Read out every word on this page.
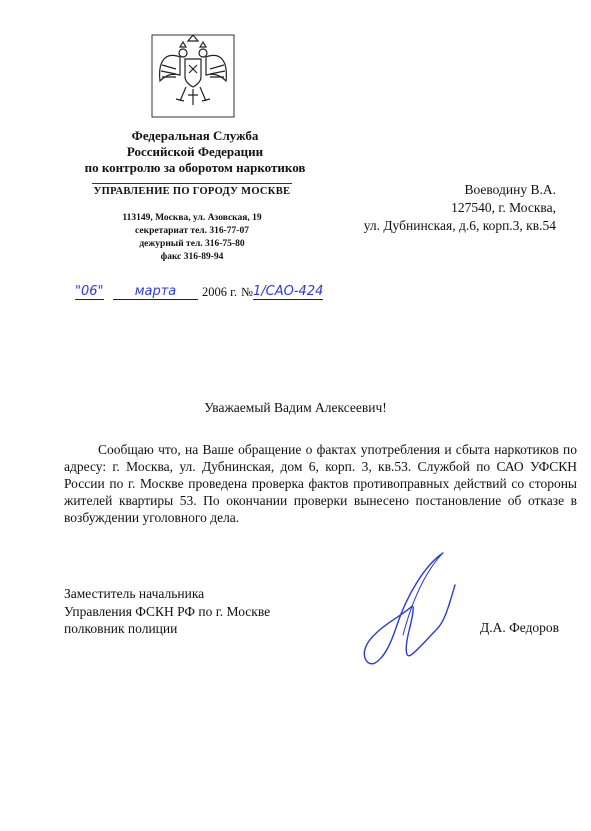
Федеральная Служба
Российской Федерации
по контролю за оборотом наркотиков
УПРАВЛЕНИЕ ПО ГОРОДУ МОСКВЕ
113149, Москва, ул. Азовская, 19
секретариат тел. 316-77-07
дежурный тел. 316-75-80
факс 316-89-94
Воеводину В.А.
127540, г. Москва,
ул. Дубнинская, д.6, корп.3, кв.54
"06"	марта	2006 г. № 1/САО-424
Уважаемый Вадим Алексеевич!
Сообщаю что, на Ваше обращение о фактах употребления и сбыта наркотиков по адресу: г. Москва, ул. Дубнинская, дом 6, корп. 3, кв.53. Службой по САО УФСКН России по г. Москве проведена проверка фактов противоправных действий со стороны жителей квартиры 53. По окончании проверки вынесено постановление об отказе в возбуждении уголовного дела.
Заместитель начальника
Управления ФСКН РФ по г. Москве
полковник полиции	Д.А. Федоров
